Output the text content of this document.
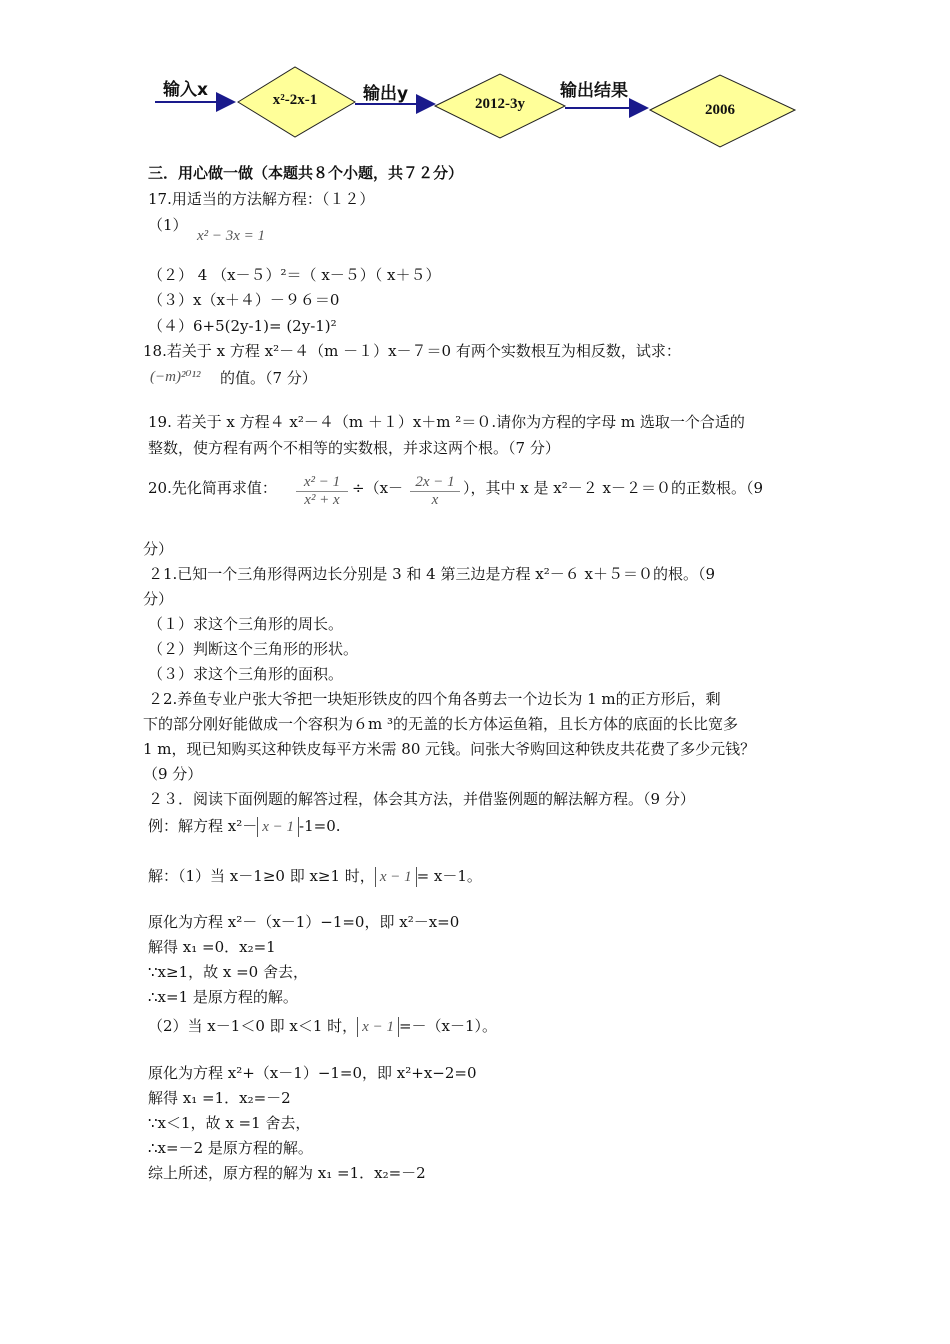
输入x	x²-2x-1	输出y	2012-3y
输出结果
2006
三．用心做一做（本题共８个小题，共７２分）
17.用适当的方法解方程：（１２）
（1）
x² − 3x = 1
（２） 4 （x－５）²＝（ x－５）（ x＋５）
（３）x（x＋４）－９６＝0
（４）6+5(2y-1)= (2y-1)²
18.若关于 x 方程 x²－４（m －１）x－７＝0 有两个实数根互为相反数，试求：
(−m)²⁰¹² 的值。（7 分）
19. 若关于 x 方程４ x²－４（m ＋１）x＋m ²＝０.请你为方程的字母 m 选取一个合适的
整数，使方程有两个不相等的实数根，并求这两个根。（7 分）
20.先化简再求值： $\frac{\text{x² − 1}}{\text{x² + x}} \div(x- \frac{2x - 1}{x}$ ），其中 x 是 x²－２ x－２＝０的正数根。（9
分）
２1.已知一个三角形得两边长分别是 3 和 4 第三边是方程 x²－６ x＋５＝０的根。（9
分）
（１）求这个三角形的周长。
（２）判断这个三角形的形状。
（３）求这个三角形的面积。
２2.养鱼专业户张大爷把一块矩形铁皮的四个角各剪去一个边长为 1 m的正方形后，剩
下的部分刚好能做成一个容积为６m ³的无盖的长方体运鱼箱，且长方体的底面的长比宽多
1 m，现已知购买这种铁皮每平方米需 80 元钱。问张大爷购回这种铁皮共花费了多少元钱？
（9 分）
２３．阅读下面例题的解答过程，体会其方法，并借鉴例题的解法解方程。（9 分）
例：解方程 x²－ x − 1 -1=0.
解：（1）当 x－1≥0 即 x≥1 时， x − 1 = x－1。
原化为方程 x²－（x－1）−1=0，即 x²－x=0
解得 x₁ =0．x₂=1
∵x≥1，故 x =0 舍去，
∴x=1 是原方程的解。
（2）当 x－1＜0 即 x＜1 时， x − 1 =－（x－1）。
原化为方程 x²+（x－1）−1=0，即 x²+x−2=0
解得 x₁ =1．x₂=－2
∵x＜1，故 x =1 舍去，
∴x=－2 是原方程的解。
综上所述，原方程的解为 x₁ =1．x₂=－2
